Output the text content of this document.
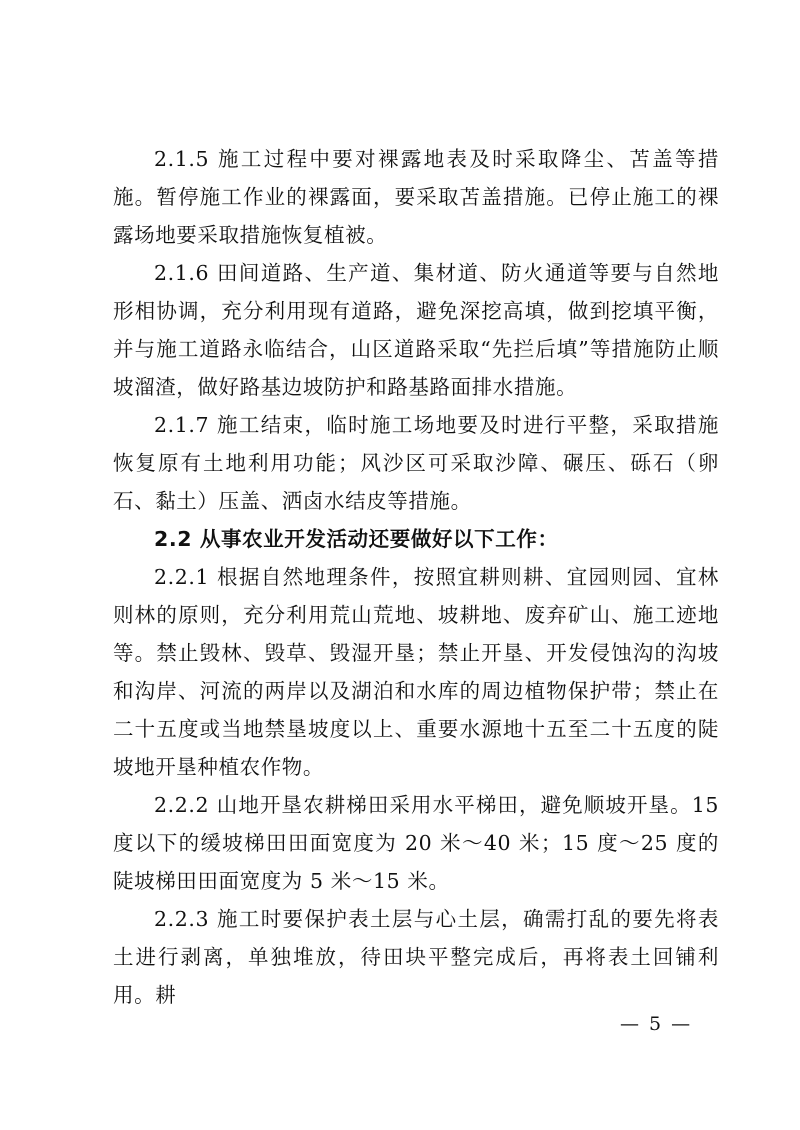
2.1.5 施工过程中要对裸露地表及时采取降尘、苫盖等措施。暂停施工作业的裸露面，要采取苫盖措施。已停止施工的裸露场地要采取措施恢复植被。

2.1.6 田间道路、生产道、集材道、防火通道等要与自然地形相协调，充分利用现有道路，避免深挖高填，做到挖填平衡，并与施工道路永临结合，山区道路采取“先拦后填”等措施防止顺坡溜渣，做好路基边坡防护和路基路面排水措施。

2.1.7 施工结束，临时施工场地要及时进行平整，采取措施恢复原有土地利用功能；风沙区可采取沙障、碾压、砾石（卵石、黏土）压盖、洒卤水结皮等措施。

2.2 从事农业开发活动还要做好以下工作：

2.2.1 根据自然地理条件，按照宜耕则耕、宜园则园、宜林则林的原则，充分利用荒山荒地、坡耕地、废弃矿山、施工迹地等。禁止毁林、毁草、毁湿开垦；禁止开垦、开发侵蚀沟的沟坡和沟岸、河流的两岸以及湖泊和水库的周边植物保护带；禁止在二十五度或当地禁垦坡度以上、重要水源地十五至二十五度的陡坡地开垦种植农作物。

2.2.2 山地开垦农耕梯田采用水平梯田，避免顺坡开垦。15度以下的缓坡梯田田面宽度为 20 米～40 米；15 度～25 度的陡坡梯田田面宽度为 5 米～15 米。

2.2.3 施工时要保护表土层与心土层，确需打乱的要先将表土进行剥离，单独堆放，待田块平整完成后，再将表土回铺利用。耕

— 5 —
